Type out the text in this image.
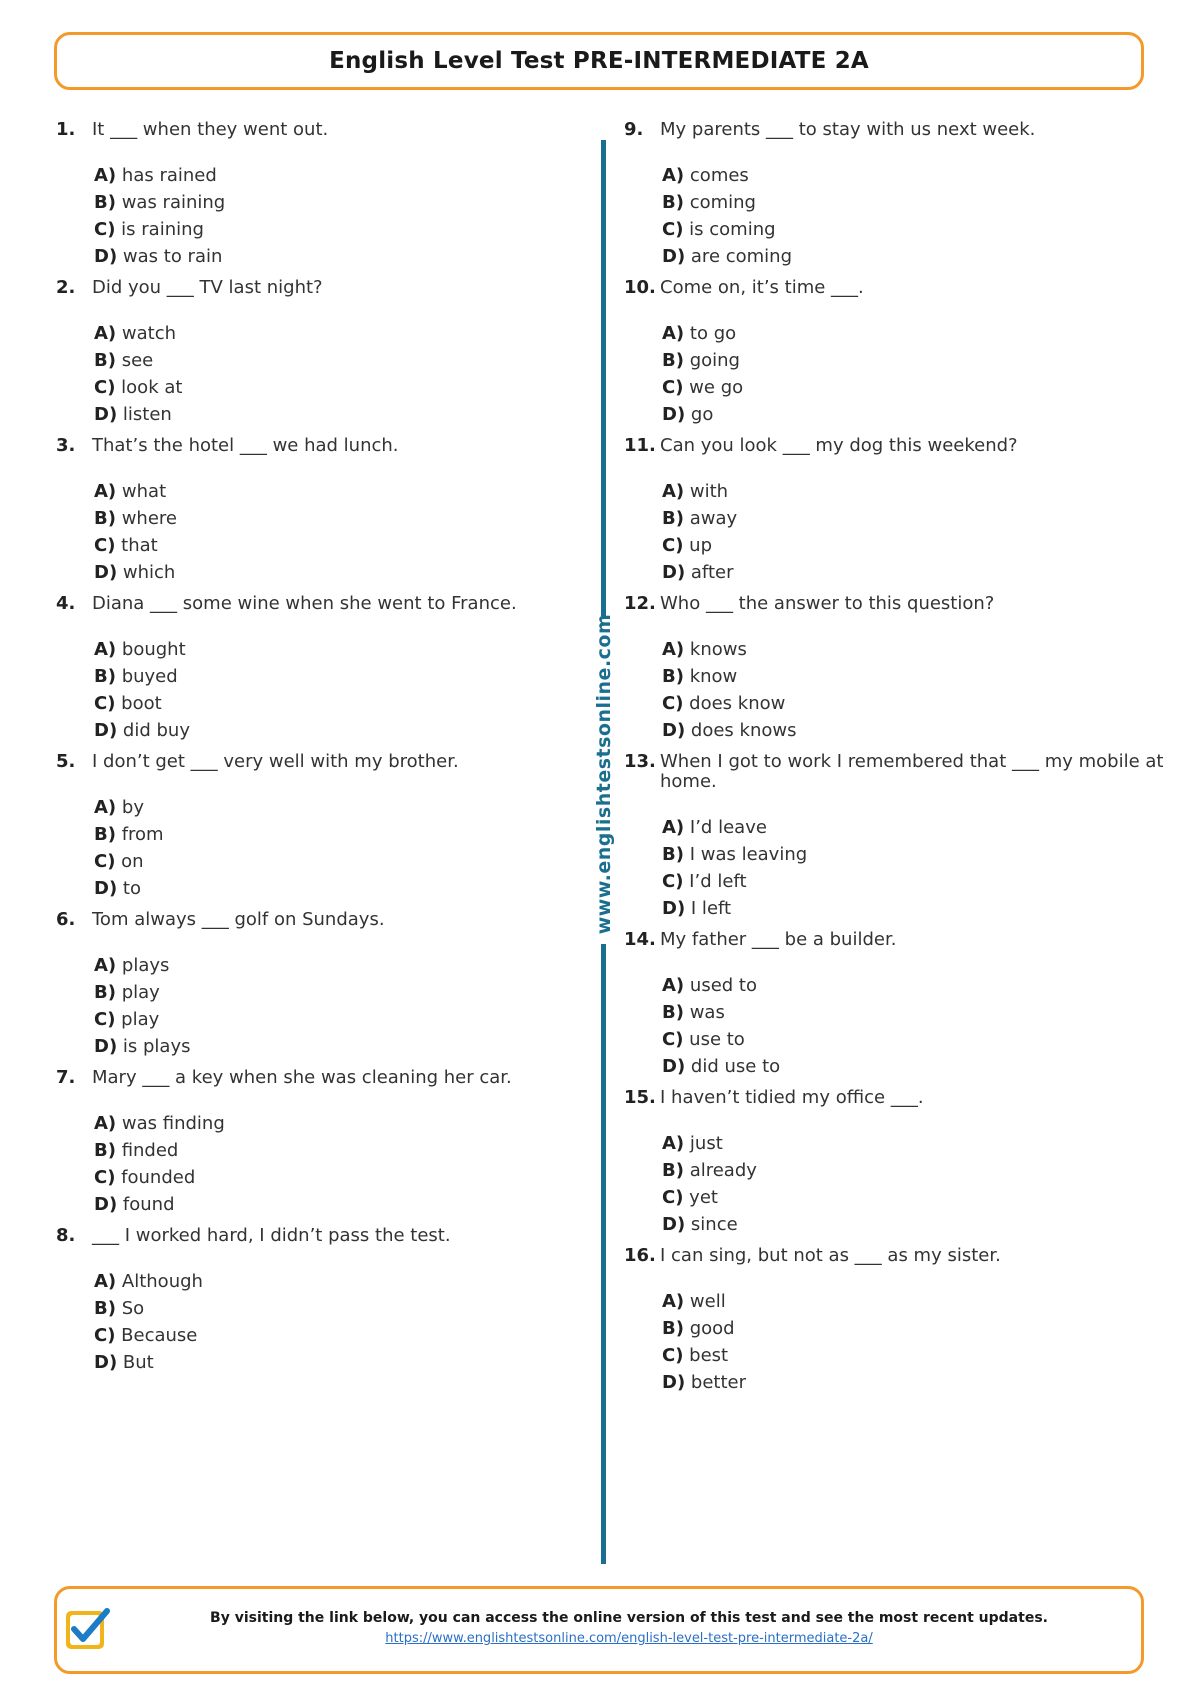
English Level Test PRE-INTERMEDIATE 2A
1. It ___ when they went out.
A) has rained
B) was raining
C) is raining
D) was to rain
2. Did you ___ TV last night?
A) watch
B) see
C) look at
D) listen
3. That’s the hotel ___ we had lunch.
A) what
B) where
C) that
D) which
4. Diana ___ some wine when she went to France.
A) bought
B) buyed
C) boot
D) did buy
5. I don’t get ___ very well with my brother.
A) by
B) from
C) on
D) to
6. Tom always ___ golf on Sundays.
A) plays
B) play
C) play
D) is plays
7. Mary ___ a key when she was cleaning her car.
A) was finding
B) finded
C) founded
D) found
8. ___ I worked hard, I didn’t pass the test.
A) Although
B) So
C) Because
D) But
www.englishtestsonline.com
9. My parents ___ to stay with us next week.
A) comes
B) coming
C) is coming
D) are coming
10. Come on, it’s time ___.
A) to go
B) going
C) we go
D) go
11. Can you look ___ my dog this weekend?
A) with
B) away
C) up
D) after
12. Who ___ the answer to this question?
A) knows
B) know
C) does know
D) does knows
13. When I got to work I remembered that ___ my mobile at home.
A) I’d leave
B) I was leaving
C) I’d left
D) I left
14. My father ___ be a builder.
A) used to
B) was
C) use to
D) did use to
15. I haven’t tidied my office ___.
A) just
B) already
C) yet
D) since
16. I can sing, but not as ___ as my sister.
A) well
B) good
C) best
D) better
By visiting the link below, you can access the online version of this test and see the most recent updates.
https://www.englishtestsonline.com/english-level-test-pre-intermediate-2a/
